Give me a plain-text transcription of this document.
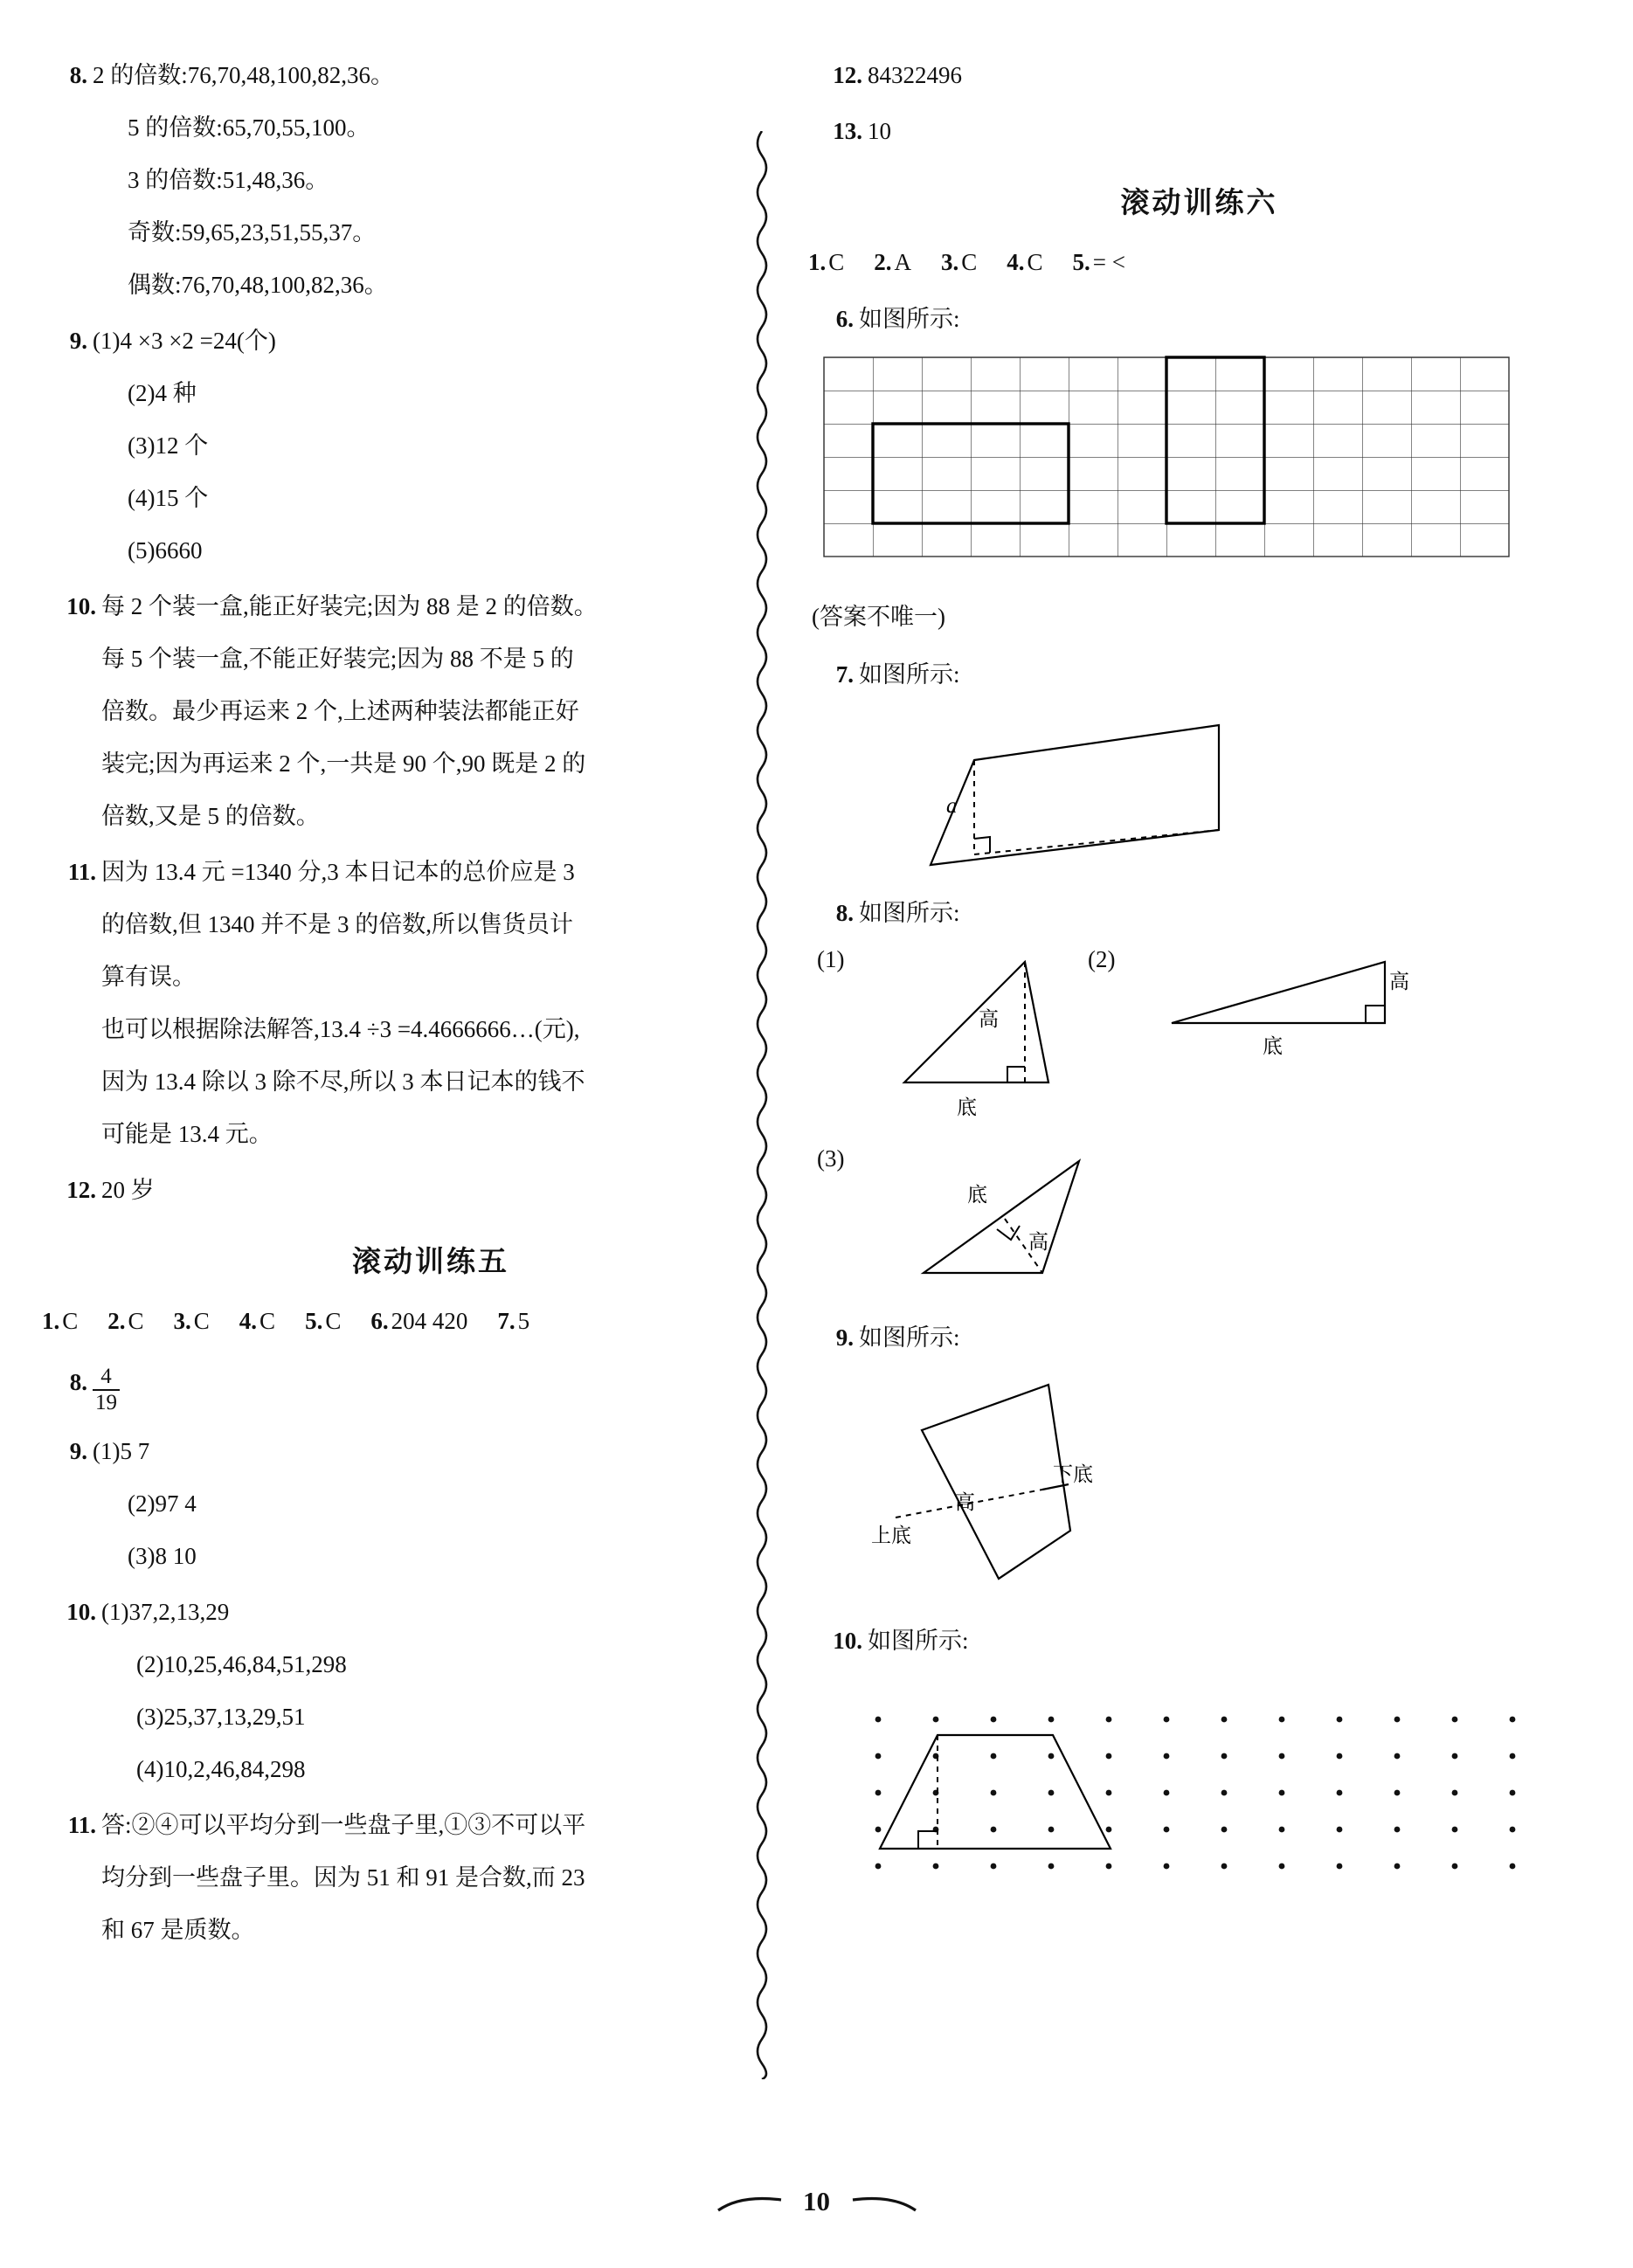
8. 2 的倍数:76,70,48,100,82,36。
5 的倍数:65,70,55,100。
3 的倍数:51,48,36。
奇数:59,65,23,51,55,37。
偶数:76,70,48,100,82,36。
9. (1)4 ×3 ×2 =24(个)
(2)4 种
(3)12 个
(4)15 个
(5)6660
10. 每 2 个装一盒,能正好装完;因为 88 是 2 的倍数。
每 5 个装一盒,不能正好装完;因为 88 不是 5 的
倍数。最少再运来 2 个,上述两种装法都能正好
装完;因为再运来 2 个,一共是 90 个,90 既是 2 的
倍数,又是 5 的倍数。
11. 因为 13.4 元 =1340 分,3 本日记本的总价应是 3
的倍数,但 1340 并不是 3 的倍数,所以售货员计
算有误。
也可以根据除法解答,13.4 ÷3 =4.4666666…(元),
因为 13.4 除以 3 除不尽,所以 3 本日记本的钱不
可能是 13.4 元。
12. 20 岁
滚动训练五
1. C 2. C 3. C 4. C 5. C 6. 204 420 7. 5
8. $\frac{4}{19}$
9. (1)5 7
(2)97 4
(3)8 10
10. (1)37,2,13,29
(2)10,25,46,84,51,298
(3)25,37,13,29,51
(4)10,2,46,84,298
11. 答:②④可以平均分到一些盘子里,①③不可以平
均分到一些盘子里。因为 51 和 91 是合数,而 23
和 67 是质数。
12. 84322496
13. 10
滚动训练六
1. C 2. A 3. C 4. C 5. = <
6. 如图所示:
(答案不唯一)
7. 如图所示:
a
8. 如图所示:
(1)
高
底
(2)
高
底
(3)
底
高
9. 如图所示:
高
上底
下底
10. 如图所示:
10
